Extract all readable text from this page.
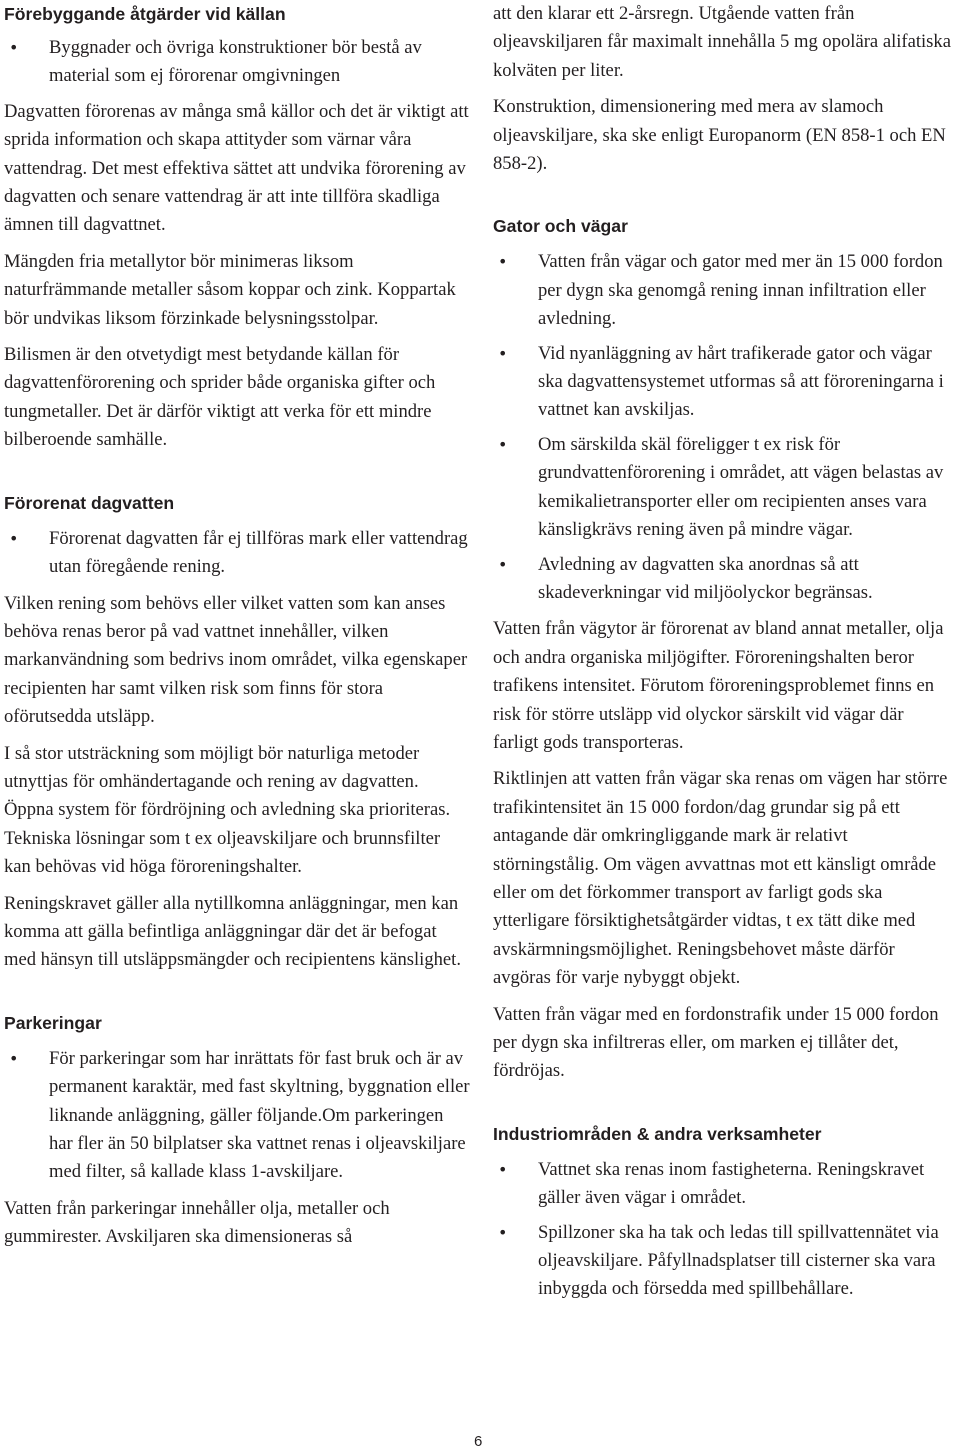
Förebyggande åtgärder vid källan
• Byggnader och övriga konstruktioner bör bestå av material som ej förorenar omgivningen

Dagvatten förorenas av många små källor och det är viktigt att sprida information och skapa attityder som värnar våra vattendrag. Det mest effektiva sättet att undvika förorening av dagvatten och senare vattendrag är att inte tillföra skadliga ämnen till dagvattnet.

Mängden fria metallytor bör minimeras liksom naturfrämmande metaller såsom koppar och zink. Koppartak bör undvikas liksom förzinkade belysningsstolpar.

Bilismen är den otvetydigt mest betydande källan för dagvattenförorening och sprider både organiska gifter och tungmetaller. Det är därför viktigt att verka för ett mindre bilberoende samhälle.

Förorenat dagvatten
• Förorenat dagvatten får ej tillföras mark eller vattendrag utan föregående rening.

Vilken rening som behövs eller vilket vatten som kan anses behöva renas beror på vad vattnet innehåller, vilken markanvändning som bedrivs inom området, vilka egenskaper recipienten har samt vilken risk som finns för stora oförutsedda utsläpp.

I så stor utsträckning som möjligt bör naturliga metoder utnyttjas för omhändertagande och rening av dagvatten. Öppna system för fördröjning och avledning ska prioriteras. Tekniska lösningar som t ex oljeavskiljare och brunnsfilter kan behövas vid höga föroreningshalter.

Reningskravet gäller alla nytillkomna anläggningar, men kan komma att gälla befintliga anläggningar där det är befogat med hänsyn till utsläppsmängder och recipientens känslighet.

Parkeringar
• För parkeringar som har inrättats för fast bruk och är av permanent karaktär, med fast skyltning, byggnation eller liknande anläggning, gäller följande.Om parkeringen har fler än 50 bilplatser ska vattnet renas i oljeavskiljare med filter, så kallade klass 1-avskiljare.

Vatten från parkeringar innehåller olja, metaller och gummirester. Avskiljaren ska dimensioneras så

att den klarar ett 2-årsregn. Utgående vatten från oljeavskiljaren får maximalt innehålla 5 mg opolära alifatiska kolväten per liter.

Konstruktion, dimensionering med mera av slamoch oljeavskiljare, ska ske enligt Europanorm (EN 858-1 och EN 858-2).

Gator och vägar
• Vatten från vägar och gator med mer än 15 000 fordon per dygn ska genomgå rening innan infiltration eller avledning.
• Vid nyanläggning av hårt trafikerade gator och vägar ska dagvattensystemet utformas så att föroreningarna i vattnet kan avskiljas.
• Om särskilda skäl föreligger t ex risk för grundvattenförorening i området, att vägen belastas av kemikalietransporter eller om recipienten anses vara känsligkrävs rening även på mindre vägar.
• Avledning av dagvatten ska anordnas så att skadeverkningar vid miljöolyckor begränsas.

Vatten från vägytor är förorenat av bland annat metaller, olja och andra organiska miljögifter. Föroreningshalten beror trafikens intensitet. Förutom föroreningsproblemet finns en risk för större utsläpp vid olyckor särskilt vid vägar där farligt gods transporteras.

Riktlinjen att vatten från vägar ska renas om vägen har större trafikintensitet än 15 000 fordon/dag grundar sig på ett antagande där omkringliggande mark är relativt störningstålig. Om vägen avvattnas mot ett känsligt område eller om det förkommer transport av farligt gods ska ytterligare försiktighetsåtgärder vidtas, t ex tätt dike med avskärmningsmöjlighet. Reningsbehovet måste därför avgöras för varje nybyggt objekt.

Vatten från vägar med en fordonstrafik under 15 000 fordon per dygn ska infiltreras eller, om marken ej tillåter det, fördröjas.

Industriområden & andra verksamheter
• Vattnet ska renas inom fastigheterna. Reningskravet gäller även vägar i området.
• Spillzoner ska ha tak och ledas till spillvattennätet via oljeavskiljare. Påfyllnadsplatser till cisterner ska vara inbyggda och försedda med spillbehållare.
6
